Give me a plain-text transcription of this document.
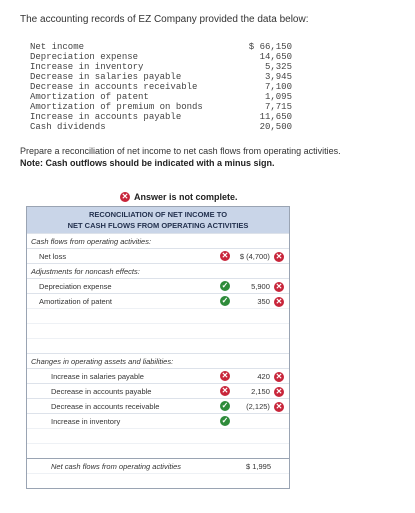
The accounting records of EZ Company provided the data below:
Net income	$ 66,150
Depreciation expense	14,650
Increase in inventory	5,325
Decrease in salaries payable	3,945
Decrease in accounts receivable	7,100
Amortization of patent	1,095
Amortization of premium on bonds	7,715
Increase in accounts payable	11,650
Cash dividends	20,500
Prepare a reconciliation of net income to net cash flows from operating activities.
Note: Cash outflows should be indicated with a minus sign.
✕ Answer is not complete.
RECONCILIATION OF NET INCOME TO
NET CASH FLOWS FROM OPERATING ACTIVITIES
Cash flows from operating activities:
Net loss	✕ $ (4,700) ✕
Adjustments for noncash effects:
Depreciation expense	✓	5,900 ✕
Amortization of patent	✓	350 ✕
Changes in operating assets and liabilities:
Increase in salaries payable	✕	420 ✕
Decrease in accounts payable	✕	2,150 ✕
Decrease in accounts receivable	✓ (2,125) ✕
Increase in inventory	✓
Net cash flows from operating activities	$ 1,995
